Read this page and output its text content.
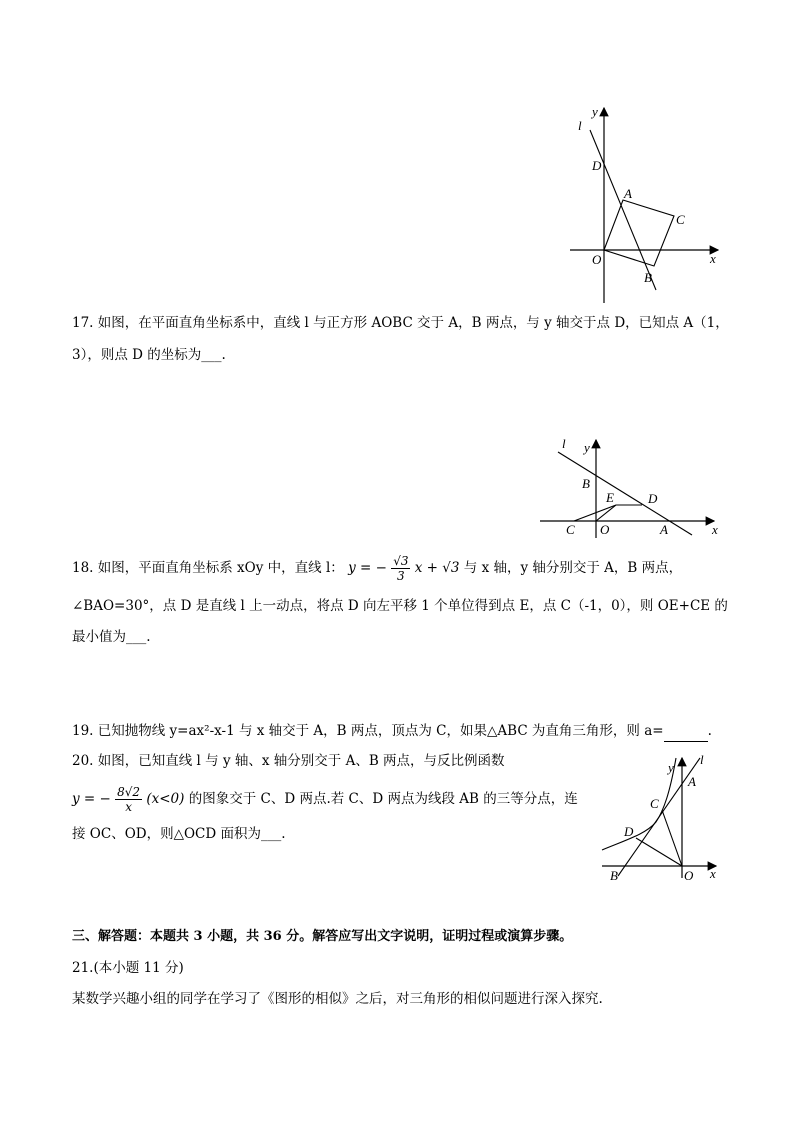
y
l
D
A
C
O
B
x
17. 如图，在平面直角坐标系中，直线 l 与正方形 AOBC 交于 A，B 两点，与 y 轴交于点 D，已知点 A（1，
3），则点 D 的坐标为___.
l y
B
E	D
C O	A	x
18. 如图，平面直角坐标系 xOy 中，直线 l： y = − $\frac{√3}{3}$ x + √3 与 x 轴，y 轴分别交于 A，B 两点，
∠BAO=30°，点 D 是直线 l 上一动点，将点 D 向左平移 1 个单位得到点 E，点 C（-1，0），则 OE+CE 的
最小值为___.
19. 已知抛物线 y=ax²-x-1 与 x 轴交于 A，B 两点，顶点为 C，如果△ABC 为直角三角形，则 a=	.
20. 如图，已知直线 l 与 y 轴、x 轴分别交于 A、B 两点，与反比例函数
y = − $\frac{8√2}{x} (x<0)$ 的图象交于 C、D 两点.若 C、D 两点为线段 AB 的三等分点，连
接 OC、OD，则△OCD 面积为___.
y
l
A
C
D
B	O x
三、解答题：本题共 3 小题，共 36 分。解答应写出文字说明，证明过程或演算步骤。
21.(本小题 11 分)
某数学兴趣小组的同学在学习了《图形的相似》之后，对三角形的相似问题进行深入探究.
